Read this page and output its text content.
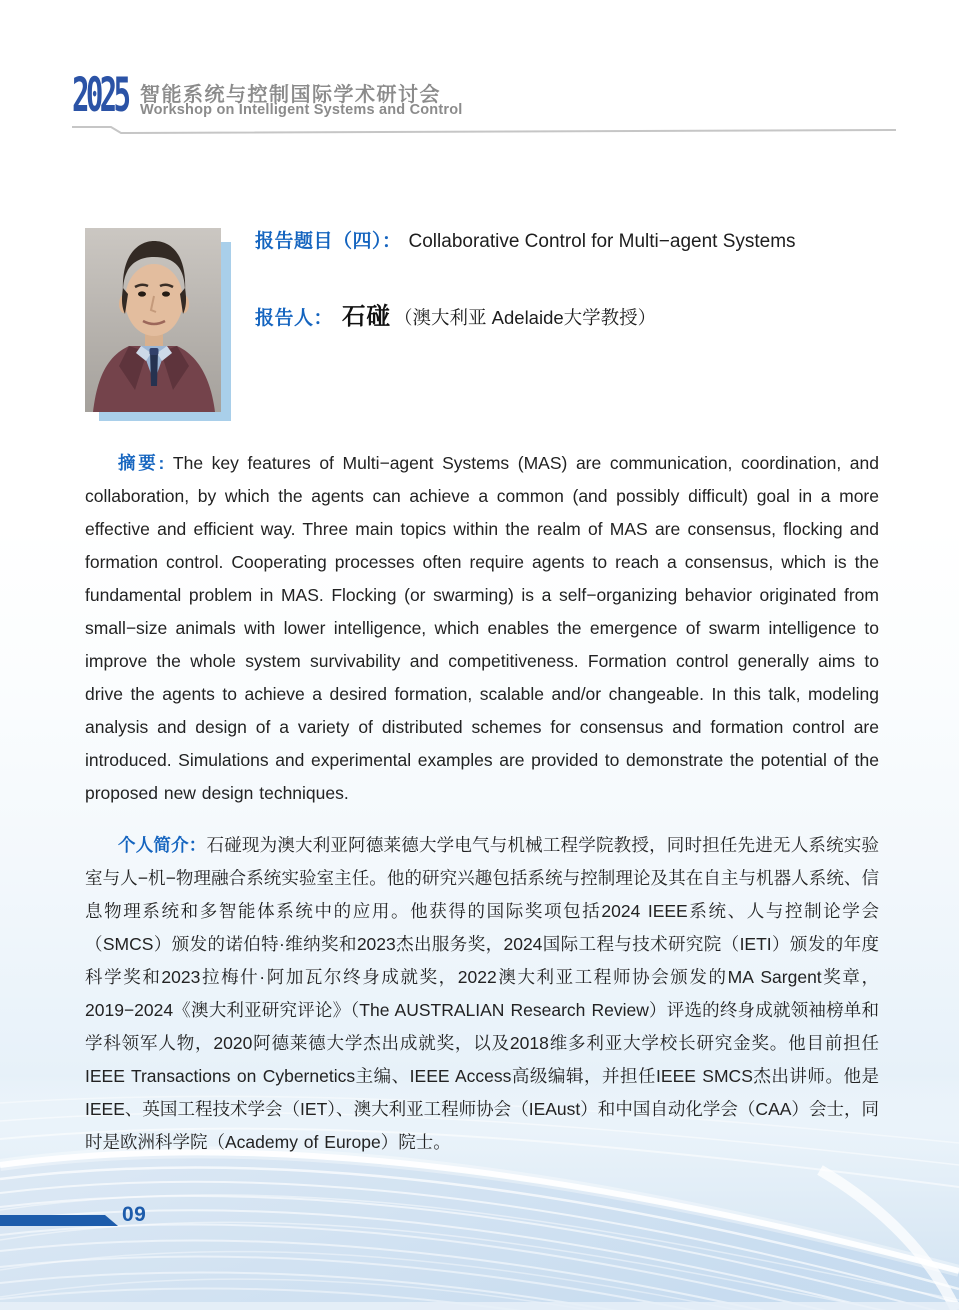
2025 智能系统与控制国际学术研讨会
Workshop on Intelligent Systems and Control
报告题目（四）： Collaborative Control for Multi−agent Systems
报告人： 石碰 （澳大利亚 Adelaide大学教授）

摘要: The key features of Multi−agent Systems (MAS) are communication, coordination, and collaboration, by which the agents can achieve a common (and possibly difficult) goal in a more effective and efficient way. Three main topics within the realm of MAS are consensus, flocking and formation control. Cooperating processes often require agents to reach a consensus, which is the fundamental problem in MAS. Flocking (or swarming) is a self−organizing behavior originated from small−size animals with lower intelligence, which enables the emergence of swarm intelligence to improve the whole system survivability and competitiveness. Formation control generally aims to drive the agents to achieve a desired formation, scalable and/or changeable. In this talk, modeling analysis and design of a variety of distributed schemes for consensus and formation control are introduced. Simulations and experimental examples are provided to demonstrate the potential of the proposed new design techniques.

个人简介：石碰现为澳大利亚阿德莱德大学电气与机械工程学院教授，同时担任先进无人系统实验室与人−机−物理融合系统实验室主任。他的研究兴趣包括系统与控制理论及其在自主与机器人系统、信息物理系统和多智能体系统中的应用。他获得的国际奖项包括2024 IEEE系统、人与控制论学会（SMCS）颁发的诺伯特·维纳奖和2023杰出服务奖，2024国际工程与技术研究院（IETI）颁发的年度科学奖和2023拉梅什·阿加瓦尔终身成就奖，2022澳大利亚工程师协会颁发的MA Sargent奖章，2019−2024《澳大利亚研究评论》（The AUSTRALIAN Research Review）评选的终身成就领袖榜单和学科领军人物，2020阿德莱德大学杰出成就奖，以及2018维多利亚大学校长研究金奖。他目前担任IEEE Transactions on Cybernetics主编、IEEE Access高级编辑，并担任IEEE SMCS杰出讲师。他是IEEE、英国工程技术学会（IET）、澳大利亚工程师协会（IEAust）和中国自动化学会（CAA）会士，同时是欧洲科学院（Academy of Europe）院士。

09
